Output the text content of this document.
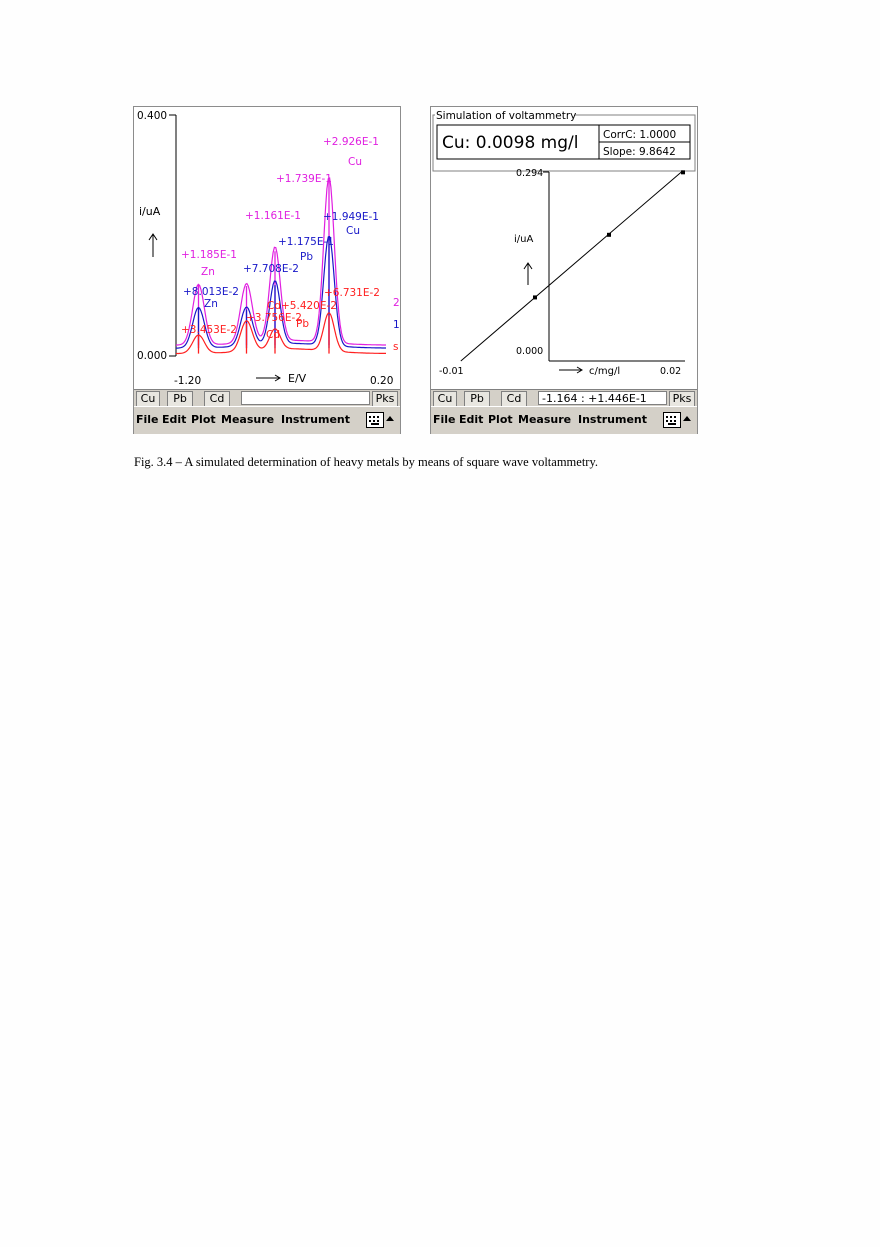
0.400
0.000
i/uA
-1.20	0.20
E/V
+2.926E-1
Cu
+1.739E-1
+1.161E-1
+1.185E-1
Zn
+1.949E-1
Cu
+1.175E-1
Pb
+7.708E-2
+8.013E-2
Zn
+6.731E-2
Cd+5.420E-2
+3.756E-2
+3.453E-2	Cd
Pb
2
1
s
Cu	Pb	Cd	Pks
File Edit Plot Measure Instrument
Simulation of voltammetry
Cu: 0.0098 mg/l CorrC: 1.0000
Slope: 9.8642
0.294
0.000
i/uA
-0.01	0.02
c/mg/l
Cu	Pb	Cd	-1.164 : +1.446E-1	Pks
File Edit Plot Measure Instrument
Fig. 3.4 – A simulated determination of heavy metals by means of square wave voltammetry.
